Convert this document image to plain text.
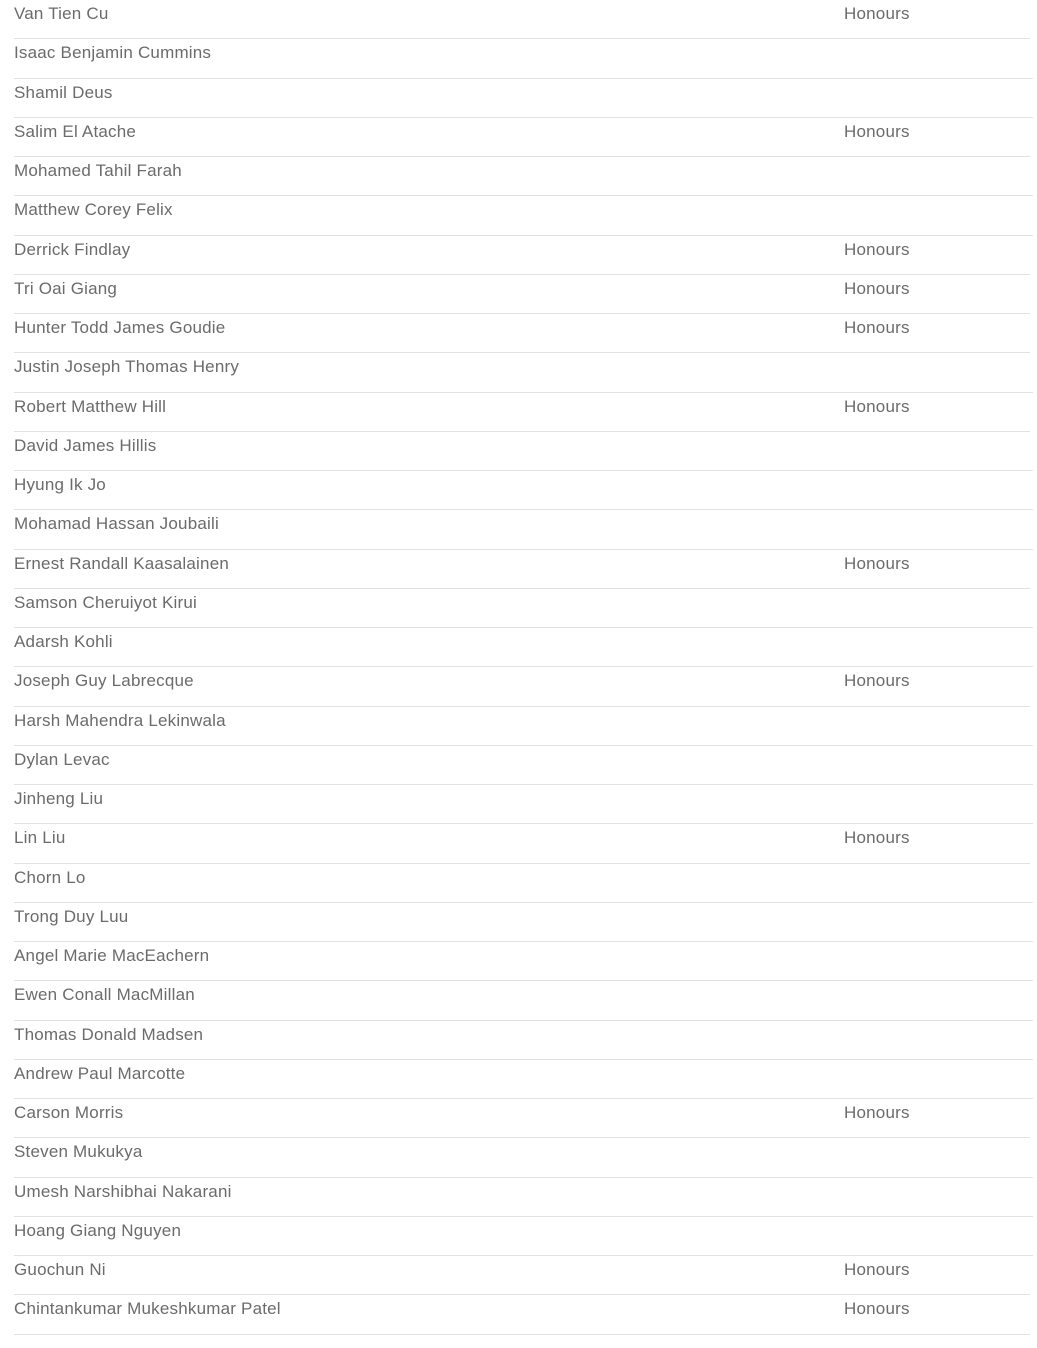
Van Tien Cu	Honours
Isaac Benjamin Cummins
Shamil Deus
Salim El Atache	Honours
Mohamed Tahil Farah
Matthew Corey Felix
Derrick Findlay	Honours
Tri Oai Giang	Honours
Hunter Todd James Goudie	Honours
Justin Joseph Thomas Henry
Robert Matthew Hill	Honours
David James Hillis
Hyung Ik Jo
Mohamad Hassan Joubaili
Ernest Randall Kaasalainen	Honours
Samson Cheruiyot Kirui
Adarsh Kohli
Joseph Guy Labrecque	Honours
Harsh Mahendra Lekinwala
Dylan Levac
Jinheng Liu
Lin Liu	Honours
Chorn Lo
Trong Duy Luu
Angel Marie MacEachern
Ewen Conall MacMillan
Thomas Donald Madsen
Andrew Paul Marcotte
Carson Morris	Honours
Steven Mukukya
Umesh Narshibhai Nakarani
Hoang Giang Nguyen
Guochun Ni	Honours
Chintankumar Mukeshkumar Patel	Honours
